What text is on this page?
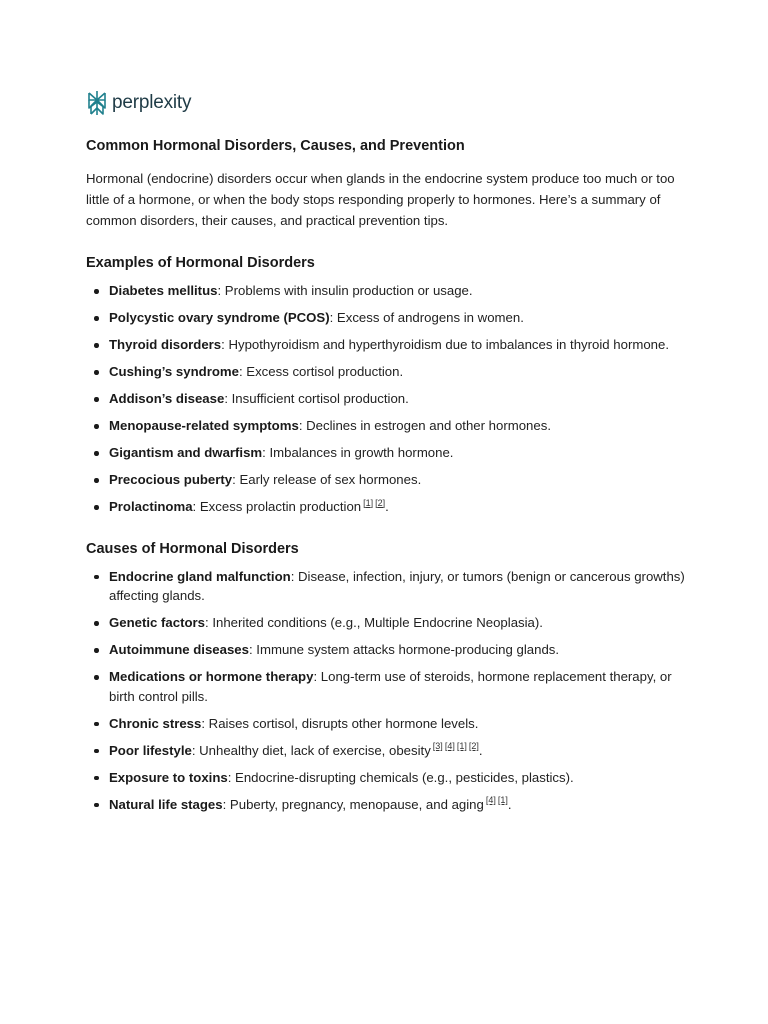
perplexity
Common Hormonal Disorders, Causes, and Prevention

Hormonal (endocrine) disorders occur when glands in the endocrine system produce too much or too little of a hormone, or when the body stops responding properly to hormones. Here’s a summary of common disorders, their causes, and practical prevention tips.

Examples of Hormonal Disorders
Diabetes mellitus: Problems with insulin production or usage.
Polycystic ovary syndrome (PCOS): Excess of androgens in women.
Thyroid disorders: Hypothyroidism and hyperthyroidism due to imbalances in thyroid hormone.
Cushing’s syndrome: Excess cortisol production.
Addison’s disease: Insufficient cortisol production.
Menopause-related symptoms: Declines in estrogen and other hormones.
Gigantism and dwarfism: Imbalances in growth hormone.
Precocious puberty: Early release of sex hormones.
Prolactinoma: Excess prolactin production [1] [2].
Causes of Hormonal Disorders
Endocrine gland malfunction: Disease, infection, injury, or tumors (benign or cancerous growths) affecting glands.
Genetic factors: Inherited conditions (e.g., Multiple Endocrine Neoplasia).
Autoimmune diseases: Immune system attacks hormone-producing glands.
Medications or hormone therapy: Long-term use of steroids, hormone replacement therapy, or birth control pills.
Chronic stress: Raises cortisol, disrupts other hormone levels.
Poor lifestyle: Unhealthy diet, lack of exercise, obesity [3] [4] [1] [2].
Exposure to toxins: Endocrine-disrupting chemicals (e.g., pesticides, plastics).
Natural life stages: Puberty, pregnancy, menopause, and aging [4] [1].
